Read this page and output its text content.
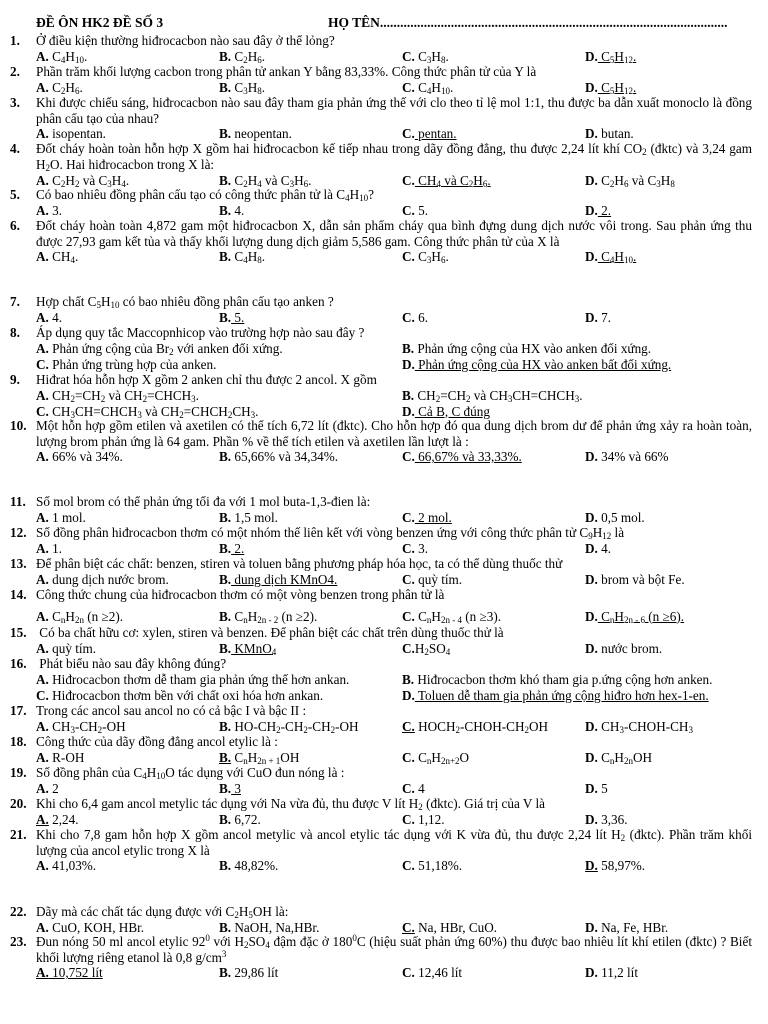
ĐỀ ÔN HK2 ĐỀ SỐ 3	HỌ TÊN.......................................................................................................
1. Ở điều kiện thường hiđrocacbon nào sau đây ở thể lỏng?
A. $C_4H_{10}$.	B. $C_2H_6$.	C. $C_3H_8$.	D. $C_5H_{12}$.
2. Phần trăm khối lượng cacbon trong phân tử ankan Y bằng 83,33%. Công thức phân tử của Y là
A. $C_2H_6$.	B. $C_3H_8$.	C. $C_4H_{10}$.	D. $C_5H_{12}$.
3. Khi được chiếu sáng, hiđrocacbon nào sau đây tham gia phản ứng thế với clo theo tỉ lệ mol 1:1, thu được ba dẫn xuất monoclo là đồng phân cấu tạo của nhau?
A. isopentan.	B. neopentan.	C. pentan.	D. butan.
4. Đốt cháy hoàn toàn hỗn hợp X gồm hai hiđrocacbon kế tiếp nhau trong dãy đồng đẳng, thu được 2,24 lít khí $CO_2$ (đktc) và 3,24 gam $H_2O$. Hai hiđrocacbon trong X là:
A. $C_2H_2$ và $C_3H_4$.	B. $C_2H_4$ và $C_3H_6$.	C. $CH_4$ và $C_2H_6$.	D. $C_2H_6$ và $C_3H_8$
5. Có bao nhiêu đồng phân cấu tạo có công thức phân tử là $C_4H_{10}$?
A. 3.	B. 4.	C. 5.	D. 2.
6. Đốt cháy hoàn toàn 4,872 gam một hiđrocacbon X, dẫn sản phẩm cháy qua bình đựng dung dịch nước vôi trong. Sau phản ứng thu được 27,93 gam kết tủa và thấy khối lượng dung dịch giảm 5,586 gam. Công thức phân tử của X là
A. $CH_4$.	B. $C_4H_8$.	C. $C_3H_6$.	D. $C_4H_{10}$.
7. Hợp chất $C_5H_{10}$ có bao nhiêu đồng phân cấu tạo anken ?
A. 4.	B. 5.	C. 6.	D. 7.
8. Áp dụng quy tắc Maccopnhicop vào trường hợp nào sau đây ?
A. Phản ứng cộng của $Br_2$ với anken đối xứng.	B. Phản ứng cộng của HX vào anken đối xứng.
C. Phản ứng trùng hợp của anken.	D. Phản ứng cộng của HX vào anken bất đối xứng.
9. Hiđrat hóa hỗn hợp X gồm 2 anken chỉ thu được 2 ancol. X gồm
A. $CH_2=CH_2$ và $CH_2=CHCH_3$.	B. $CH_2=CH_2$ và $CH_3CH=CHCH_3$.
C. $CH_3CH=CHCH_3$ và $CH_2=CHCH_2CH_3$.	D. Cả B, C đúng
10. Một hỗn hợp gồm etilen và axetilen có thể tích 6,72 lít (đktc). Cho hỗn hợp đó qua dung dịch brom dư để phản ứng xảy ra hoàn toàn, lượng brom phản ứng là 64 gam. Phần % về thể tích etilen và axetilen lần lượt là :
A. 66% và 34%.	B. 65,66% và 34,34%.	C. 66,67% và 33,33%.	D. 34% và 66%
11. Số mol brom có thể phản ứng tối đa với 1 mol buta-1,3-đien là:
A. 1 mol.	B. 1,5 mol.	C. 2 mol.	D. 0,5 mol.
12. Số đồng phân hiđrocacbon thơm có một nhóm thế liên kết với vòng benzen ứng với công thức phân tử $C_9H_{12}$ là
A. 1.	B. 2.	C. 3.	D. 4.
13. Để phân biệt các chất: benzen, stiren và toluen bằng phương pháp hóa học, ta có thể dùng thuốc thử
A. dung dịch nước brom.	B. dung dịch KMnO4.	C. quỳ tím.	D. brom và bột Fe.
14. Công thức chung của hiđrocacbon thơm có một vòng benzen trong phân tử là
A. $C_nH_{2n}$ (n ≥2).	B. $C_nH_{2n - 2}$ (n ≥2).	C. $C_nH_{2n - 4}$ (n ≥3).	D. $C_nH_{2n - 6}$ (n ≥6).
15. Có ba chất hữu cơ: xylen, stiren và benzen. Để phân biệt các chất trên dùng thuốc thử là
A. quỳ tím.	B. KMnO$_4$	$C.H_2SO_4$	D. nước brom.
16. Phát biểu nào sau đây không đúng?
A. Hiđrocacbon thơm dễ tham gia phản ứng thế hơn ankan.	B. Hiđrocacbon thơm khó tham gia p.ứng cộng hơn anken.
C. Hiđrocacbon thơm bền với chất oxi hóa hơn ankan.	D. Toluen dễ tham gia phản ứng cộng hiđro hơn hex-1-en.
17. Trong các ancol sau ancol no có cả bậc I và bậc II :
A. $CH_3-CH_2-OH$	B. $HO-CH_2-CH_2-CH_2-OH$	C. $HOCH_2-CHOH-CH_2OH$	D. $CH_3-CHOH-CH_3$
18. Công thức của dãy đồng đẳng ancol etylic là :
A. R-OH	B. $C_nH_{2n + 1}OH$	C. $C_nH_{2n+2}O$	D. $C_nH_{2n}OH$
19. Số đồng phân của $C_4H_{10}O$ tác dụng với CuO đun nóng là :
A. 2	B. 3	C. 4	D. 5
20. Khi cho 6,4 gam ancol metylic tác dụng với Na vừa đủ, thu được V lít $H_2$ (đktc). Giá trị của V là
A. 2,24.	B. 6,72.	C. 1,12.	D. 3,36.
21. Khi cho 7,8 gam hỗn hợp X gồm ancol metylic và ancol etylic tác dụng với K vừa đủ, thu được 2,24 lít $H_2$ (đktc). Phần trăm khối lượng của ancol etylic trong X là
A. 41,03%.	B. 48,82%.	C. 51,18%.	D. 58,97%.
22. Dãy mà các chất tác dụng được với $C_2H_5OH$ là:
A. CuO, KOH, HBr.	B. NaOH, Na,HBr.	C. Na, HBr, CuO.	D. Na, Fe, HBr.
23. Đun nóng 50 ml ancol etylic $92^0$ với $H_2SO_4$ đậm đặc ở $180^0C$ (hiệu suất phản ứng 60%) thu được bao nhiêu lít khí etilen (đktc) ? Biết khối lượng riêng etanol là 0,8 $g/cm^3$
A. 10,752 lít	B. 29,86 lít	C. 12,46 lít	D. 11,2 lít
